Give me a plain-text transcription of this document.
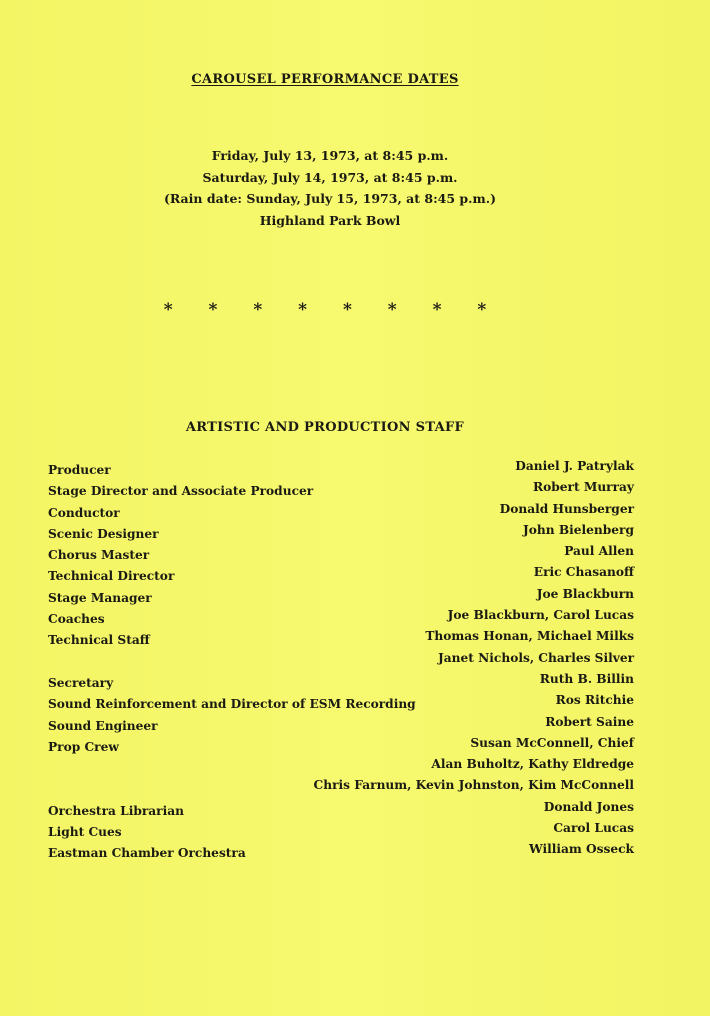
CAROUSEL PERFORMANCE DATES
Friday, July 13, 1973, at 8:45 p.m.
Saturday, July 14, 1973, at 8:45 p.m.
(Rain date: Sunday, July 15, 1973, at 8:45 p.m.)
Highland Park Bowl
* * * * * * * *
ARTISTIC AND PRODUCTION STAFF
Producer	Daniel J. Patrylak
Stage Director and Associate Producer	Robert Murray
Conductor	Donald Hunsberger
Scenic Designer	John Bielenberg
Chorus Master	Paul Allen
Technical Director	Eric Chasanoff
Stage Manager	Joe Blackburn
Coaches	Joe Blackburn, Carol Lucas
Technical Staff	Thomas Honan, Michael Milks
Janet Nichols, Charles Silver
Secretary	Ruth B. Billin
Sound Reinforcement and Director of ESM Recording	Ros Ritchie
Sound Engineer	Robert Saine
Prop Crew	Susan McConnell, Chief
Alan Buholtz, Kathy Eldredge
Chris Farnum, Kevin Johnston, Kim McConnell
Orchestra Librarian	Donald Jones
Light Cues	Carol Lucas
Eastman Chamber Orchestra	William Osseck
